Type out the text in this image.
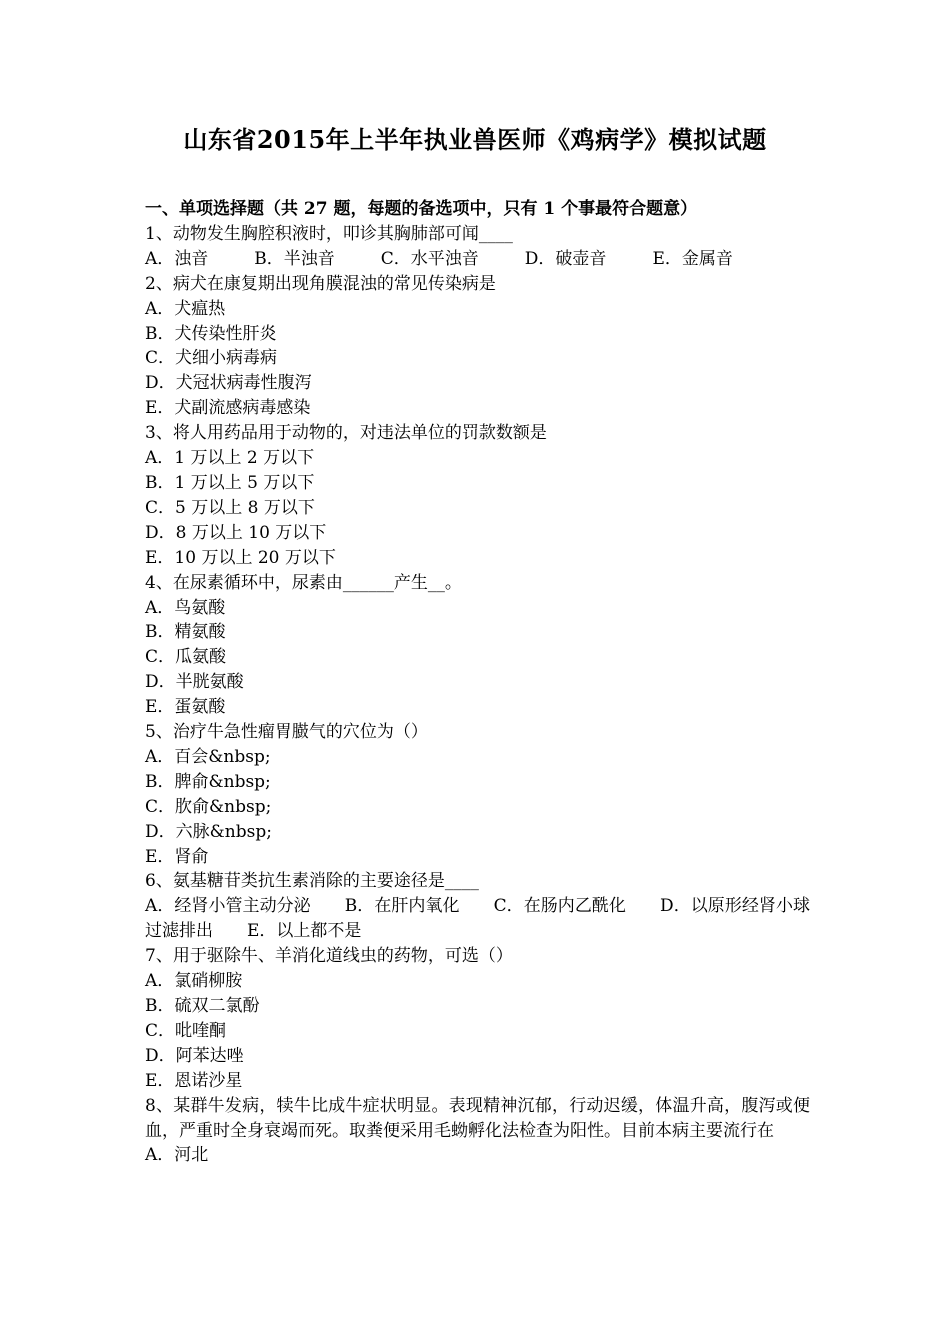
山东省2015年上半年执业兽医师《鸡病学》模拟试题
一、单项选择题（共 27 题，每题的备选项中，只有 1 个事最符合题意）
1、动物发生胸腔积液时，叩诊其胸肺部可闻____
A．浊音	B．半浊音	C．水平浊音	D．破壶音	E．金属音
2、病犬在康复期出现角膜混浊的常见传染病是
A．犬瘟热
B．犬传染性肝炎
C．犬细小病毒病
D．犬冠状病毒性腹泻
E．犬副流感病毒感染
3、将人用药品用于动物的，对违法单位的罚款数额是
A．1 万以上 2 万以下
B．1 万以上 5 万以下
C．5 万以上 8 万以下
D．8 万以上 10 万以下
E．10 万以上 20 万以下
4、在尿素循环中，尿素由______产生__。
A．鸟氨酸
B．精氨酸
C．瓜氨酸
D．半胱氨酸
E．蛋氨酸
5、治疗牛急性瘤胃臌气的穴位为（）
A．百会&nbsp;
B．脾俞&nbsp;
C．肷俞&nbsp;
D．六脉&nbsp;
E．肾俞
6、氨基糖苷类抗生素消除的主要途径是____
A．经肾小管主动分泌　　B．在肝内氧化　　C．在肠内乙酰化　　D．以原形经肾小球过滤排出　　E．以上都不是
7、用于驱除牛、羊消化道线虫的药物，可选（）
A．氯硝柳胺
B．硫双二氯酚
C．吡喹酮
D．阿苯达唑
E．恩诺沙星
8、某群牛发病，犊牛比成牛症状明显。表现精神沉郁，行动迟缓，体温升高，腹泻或便血，严重时全身衰竭而死。取粪便采用毛蚴孵化法检查为阳性。目前本病主要流行在
A．河北
